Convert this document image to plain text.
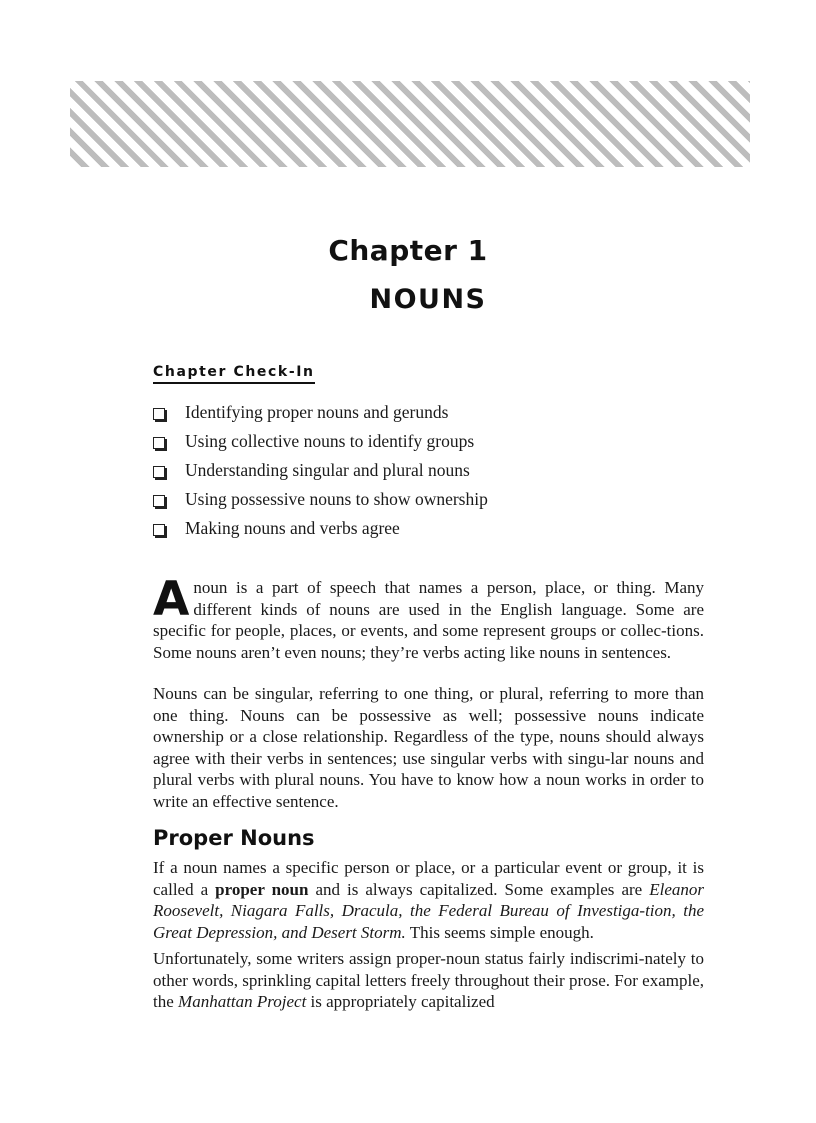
Chapter 1
NOUNS
Chapter Check-In
Identifying proper nouns and gerunds
Using collective nouns to identify groups
Understanding singular and plural nouns
Using possessive nouns to show ownership
Making nouns and verbs agree

A noun is a part of speech that names a person, place, or thing. Many different kinds of nouns are used in the English language. Some are specific for people, places, or events, and some represent groups or collec-tions. Some nouns aren’t even nouns; they’re verbs acting like nouns in sentences.

Nouns can be singular, referring to one thing, or plural, referring to more than one thing. Nouns can be possessive as well; possessive nouns indicate ownership or a close relationship. Regardless of the type, nouns should always agree with their verbs in sentences; use singular verbs with singu-lar nouns and plural verbs with plural nouns. You have to know how a noun works in order to write an effective sentence.

Proper Nouns

If a noun names a specific person or place, or a particular event or group, it is called a proper noun and is always capitalized. Some examples are Eleanor Roosevelt, Niagara Falls, Dracula, the Federal Bureau of Investiga-tion, the Great Depression, and Desert Storm. This seems simple enough.

Unfortunately, some writers assign proper-noun status fairly indiscrimi-nately to other words, sprinkling capital letters freely throughout their prose. For example, the Manhattan Project is appropriately capitalized
